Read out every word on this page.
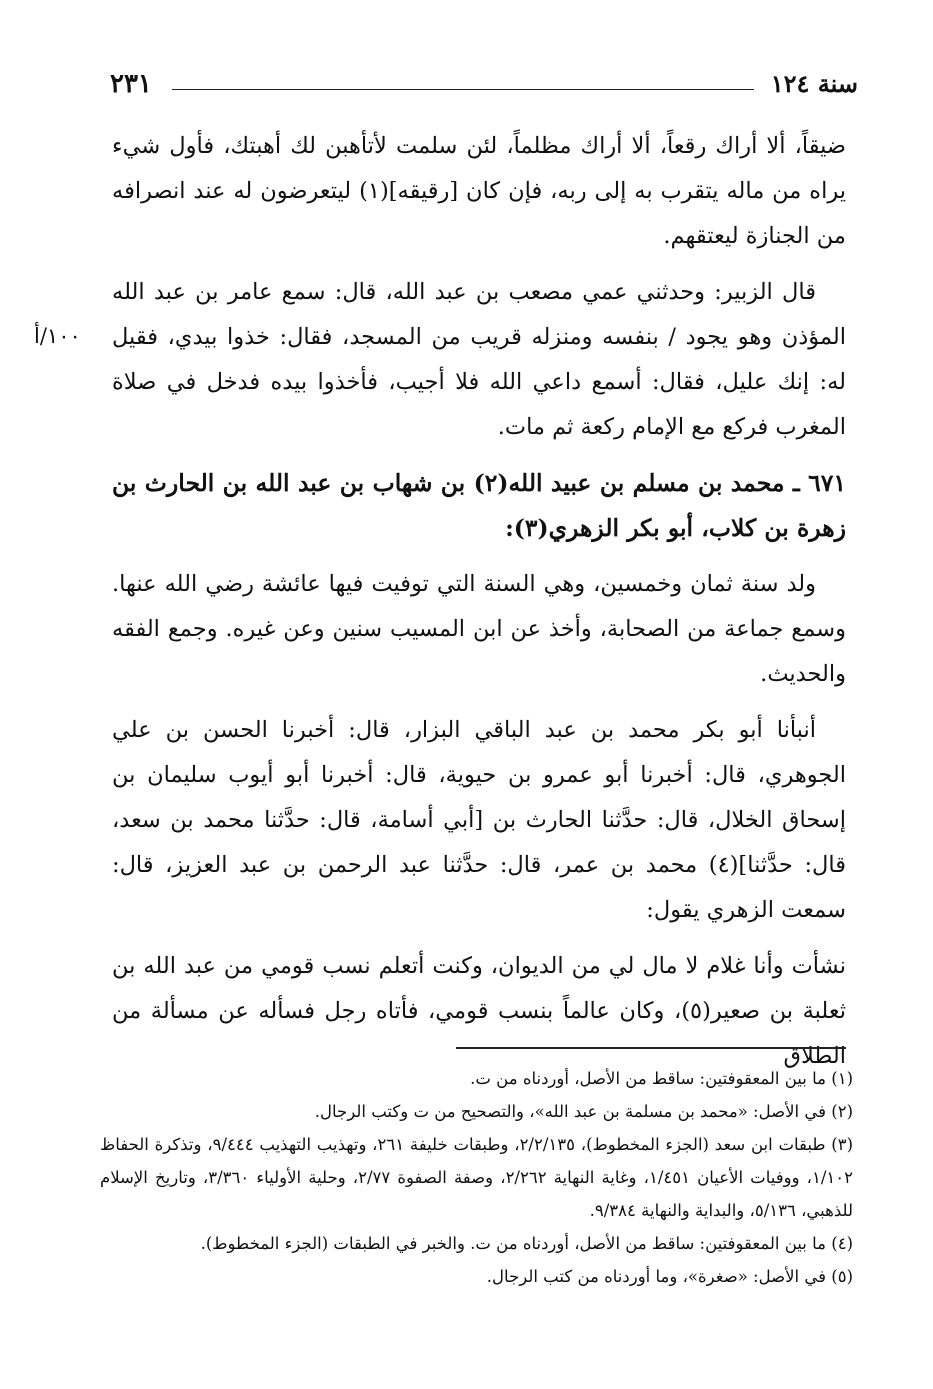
٢٣١	سنة ١٢٤
١٠٠/أ

ضيقاً، ألا أراك رقعاً، ألا أراك مظلماً، لئن سلمت لأتأهبن لك أهبتك، فأول شيء يراه من ماله يتقرب به إلى ربه، فإن كان [رقيقه](١) ليتعرضون له عند انصرافه من الجنازة ليعتقهم.

قال الزبير: وحدثني عمي مصعب بن عبد الله، قال: سمع عامر بن عبد الله المؤذن وهو يجود / بنفسه ومنزله قريب من المسجد، فقال: خذوا بيدي، فقيل له: إنك عليل، فقال: أسمع داعي الله فلا أجيب، فأخذوا بيده فدخل في صلاة المغرب فركع مع الإمام ركعة ثم مات.

٦٧١ ـ محمد بن مسلم بن عبيد الله(٢) بن شهاب بن عبد الله بن الحارث بن زهرة بن كلاب، أبو بكر الزهري(٣):

ولد سنة ثمان وخمسين، وهي السنة التي توفيت فيها عائشة رضي الله عنها. وسمع جماعة من الصحابة، وأخذ عن ابن المسيب سنين وعن غيره. وجمع الفقه والحديث.

أنبأنا أبو بكر محمد بن عبد الباقي البزار، قال: أخبرنا الحسن بن علي الجوهري، قال: أخبرنا أبو عمرو بن حيوية، قال: أخبرنا أبو أيوب سليمان بن إسحاق الخلال، قال: حدَّثنا الحارث بن [أبي أسامة، قال: حدَّثنا محمد بن سعد، قال: حدَّثنا](٤) محمد بن عمر، قال: حدَّثنا عبد الرحمن بن عبد العزيز، قال: سمعت الزهري يقول:

نشأت وأنا غلام لا مال لي من الديوان، وكنت أتعلم نسب قومي من عبد الله بن ثعلبة بن صعير(٥)، وكان عالماً بنسب قومي، فأتاه رجل فسأله عن مسألة من الطلاق

(١) ما بين المعقوفتين: ساقط من الأصل، أوردناه من ت.

(٢) في الأصل: «محمد بن مسلمة بن عبد الله»، والتصحيح من ت وكتب الرجال.

(٣) طبقات ابن سعد (الجزء المخطوط)، ٢/٢/١٣٥، وطبقات خليفة ٢٦١، وتهذيب التهذيب ٩/٤٤٤، وتذكرة الحفاظ ١/١٠٢، ووفيات الأعيان ١/٤٥١، وغاية النهاية ٢/٢٦٢، وصفة الصفوة ٢/٧٧، وحلية الأولياء ٣/٣٦٠، وتاريخ الإسلام للذهبي، ٥/١٣٦، والبداية والنهاية ٩/٣٨٤.

(٤) ما بين المعقوفتين: ساقط من الأصل، أوردناه من ت. والخبر في الطبقات (الجزء المخطوط).

(٥) في الأصل: «صغرة»، وما أوردناه من كتب الرجال.
